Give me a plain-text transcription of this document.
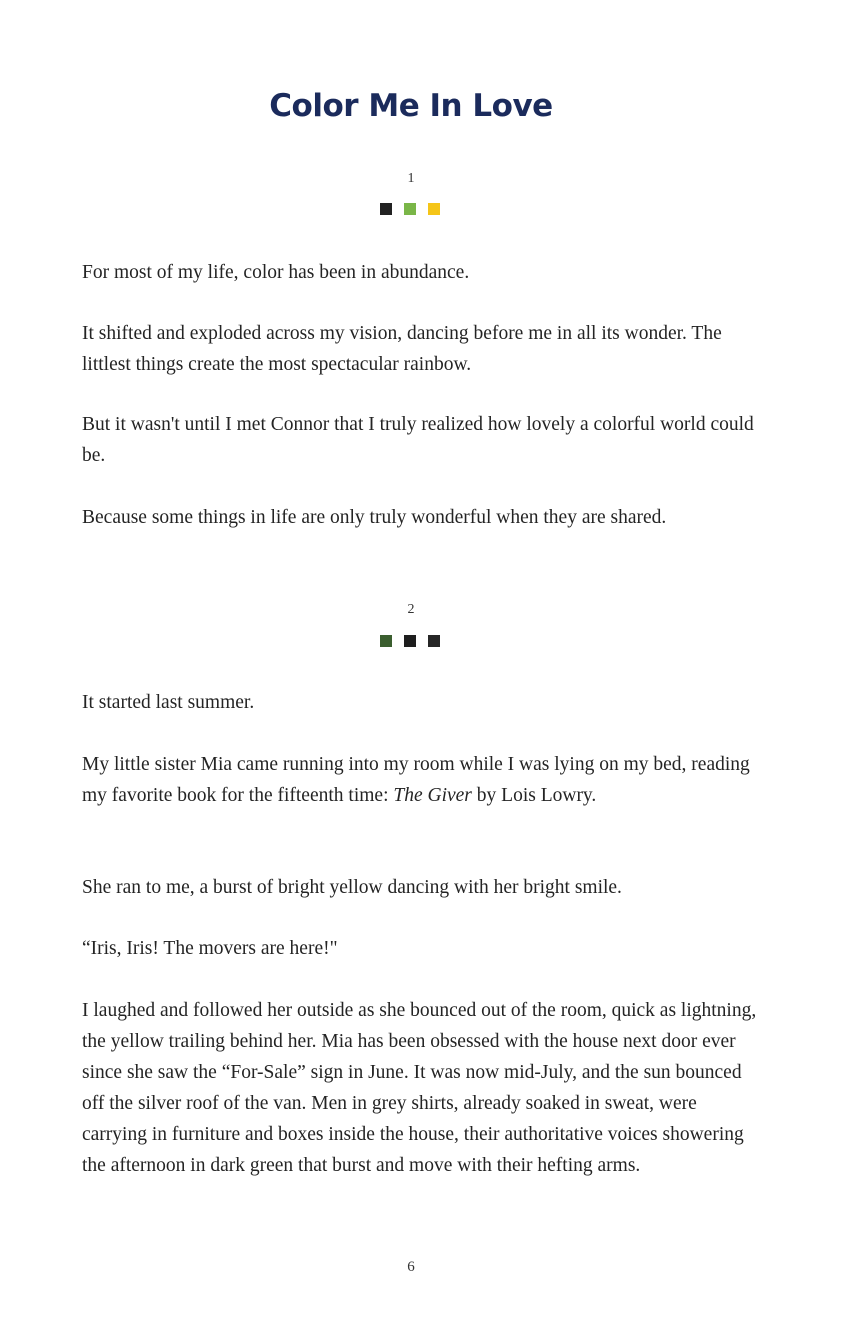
Color Me In Love
1

For most of my life, color has been in abundance.

It shifted and exploded across my vision, dancing before me in all its wonder. The littlest things create the most spectacular rainbow.

But it wasn't until I met Connor that I truly realized how lovely a colorful world could be.

Because some things in life are only truly wonderful when they are shared.

2

It started last summer.

My little sister Mia came running into my room while I was lying on my bed, reading my favorite book for the fifteenth time: The Giver by Lois Lowry.

She ran to me, a burst of bright yellow dancing with her bright smile.

“Iris, Iris! The movers are here!"

I laughed and followed her outside as she bounced out of the room, quick as lightning, the yellow trailing behind her. Mia has been obsessed with the house next door ever since she saw the “For-Sale” sign in June. It was now mid-July, and the sun bounced off the silver roof of the van. Men in grey shirts, already soaked in sweat, were carrying in furniture and boxes inside the house, their authoritative voices showering the afternoon in dark green that burst and move with their hefting arms.

6
